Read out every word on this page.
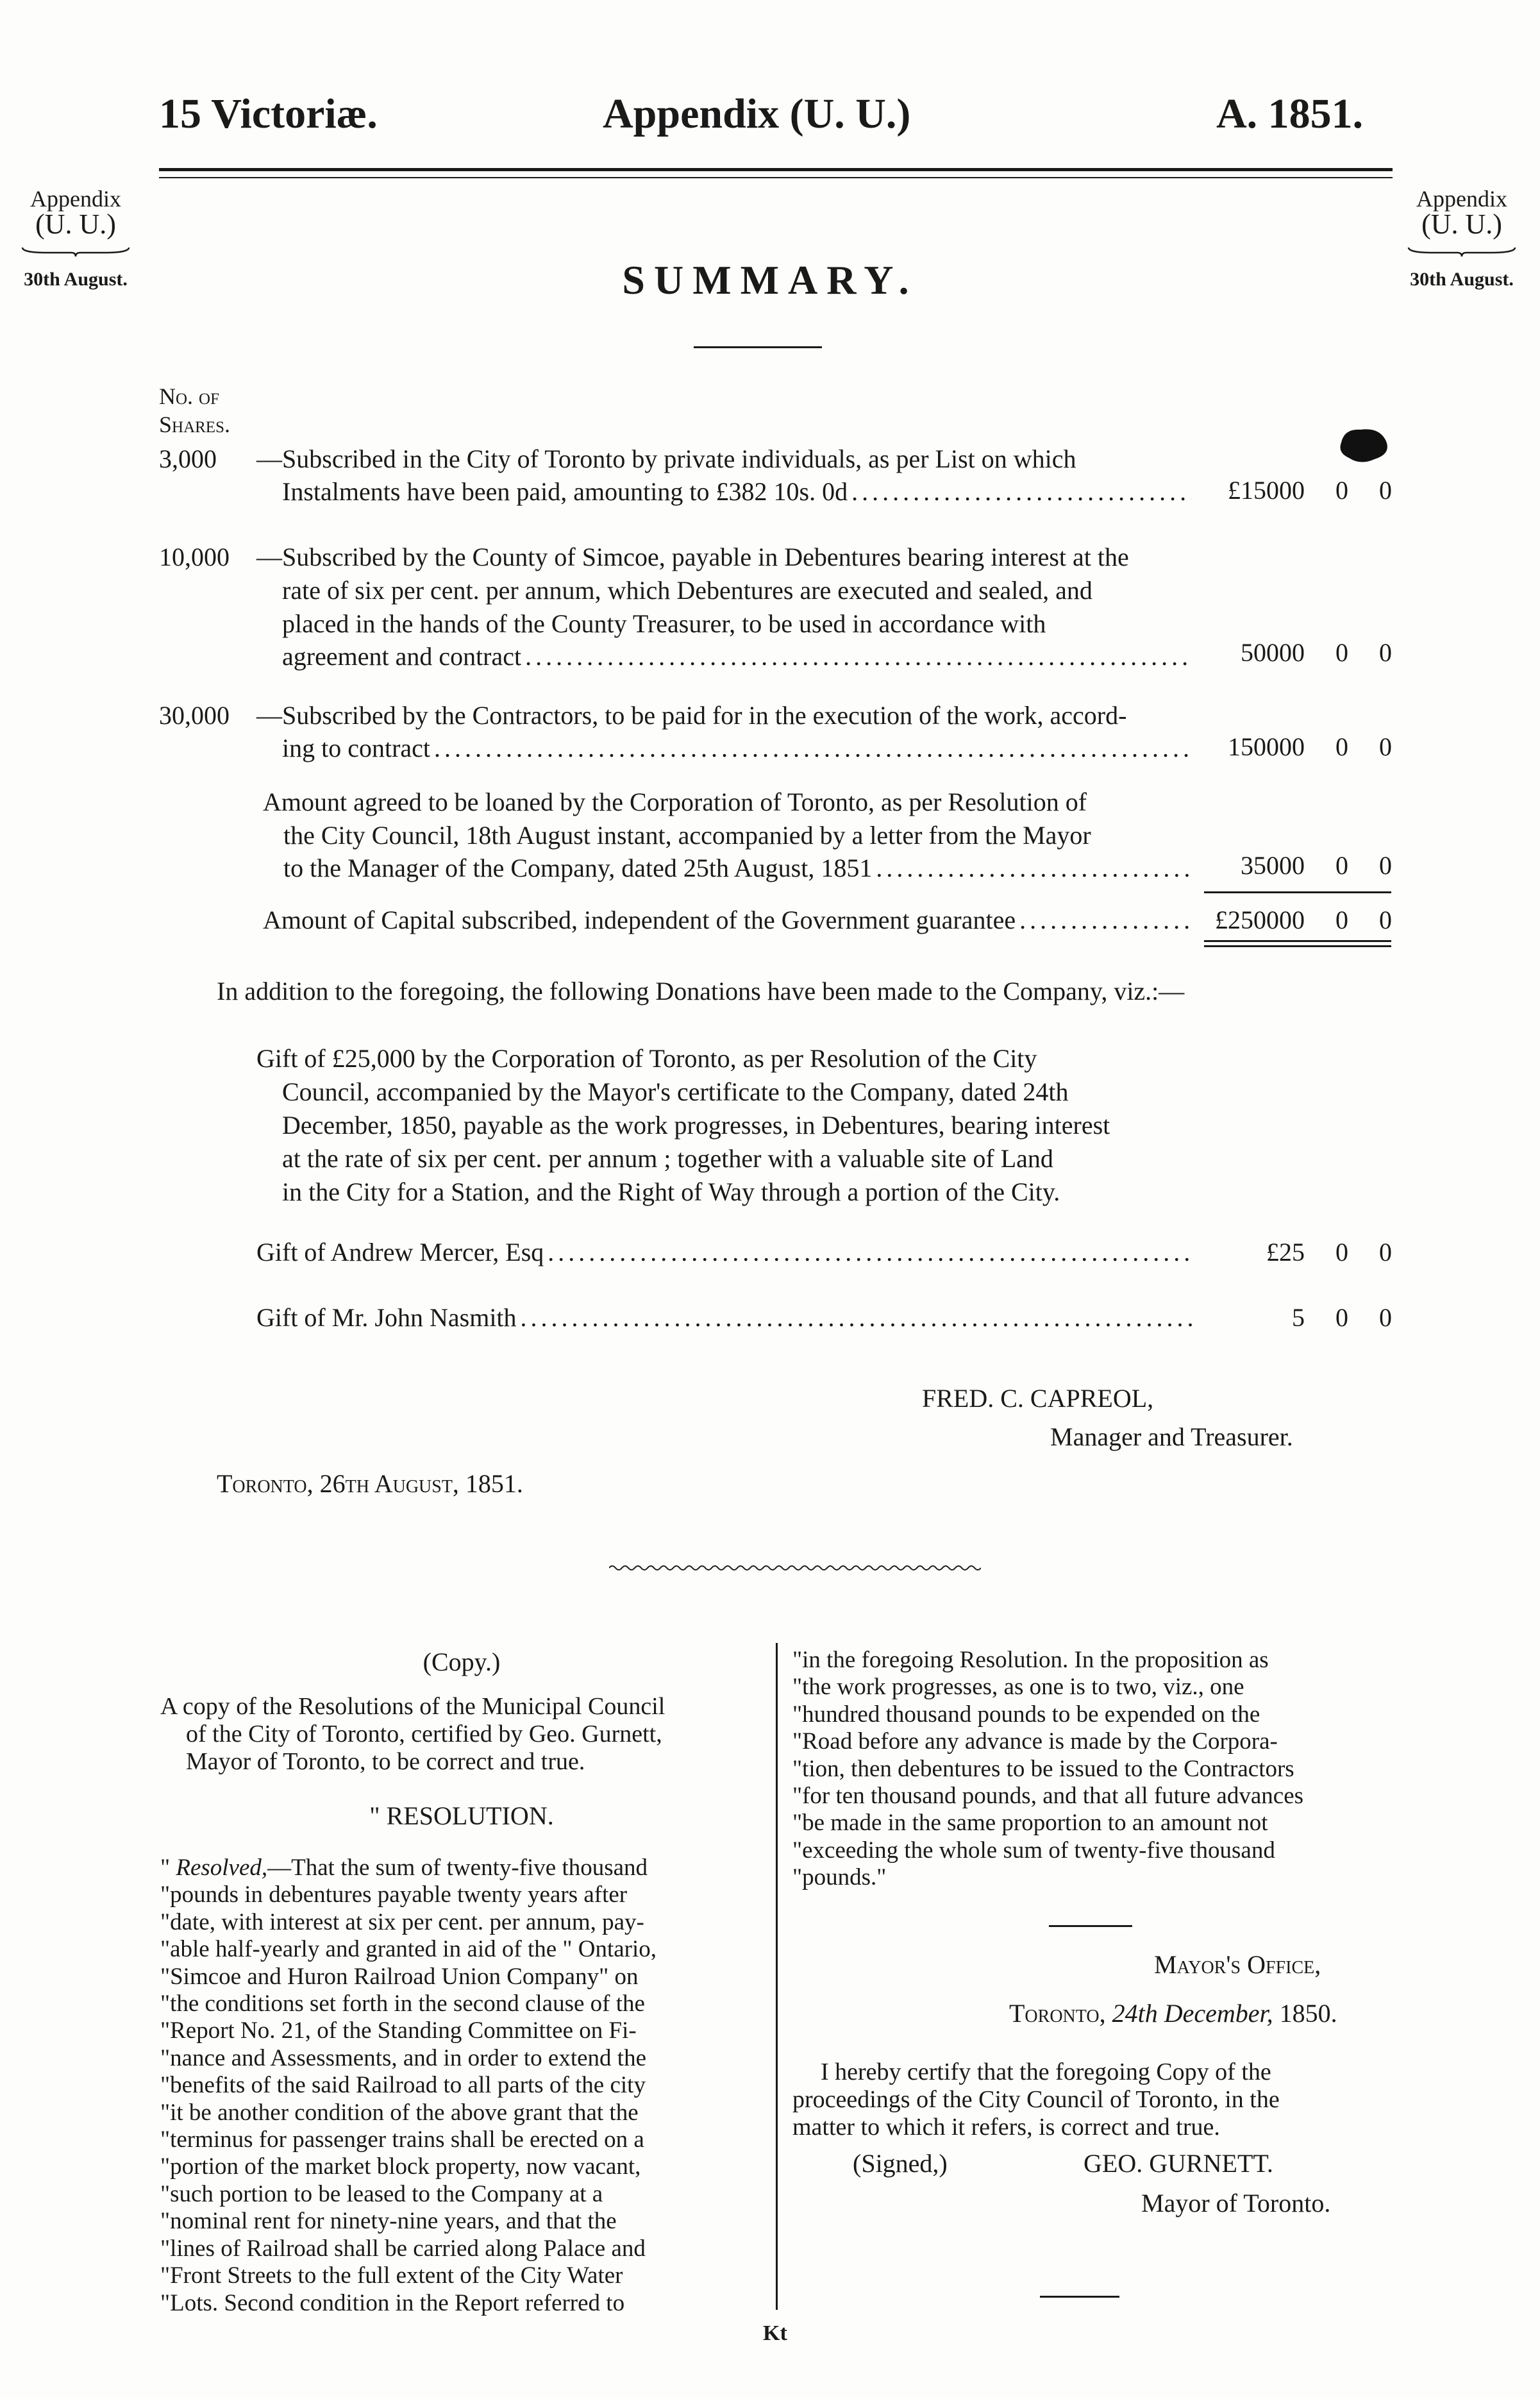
15 Victoriæ.	Appendix (U. U.)	A. 1851.
Appendix
(U. U.)
30th August.
Appendix
(U. U.)
30th August.
SUMMARY.
No. of
Shares.
3,000 —Subscribed in the City of Toronto by private individuals, as per List on which
Instalments have been paid, amounting to £382 10s. 0d . . .	£15000 0 0
10,000 —Subscribed by the County of Simcoe, payable in Debentures bearing interest at the
rate of six per cent. per annum, which Debentures are executed and sealed, and
placed in the hands of the County Treasurer, to be used in accordance with
agreement and contract . . .	50000 0 0
30,000 —Subscribed by the Contractors, to be paid for in the execution of the work, accord-
ing to contract . . .	150000 0 0
Amount agreed to be loaned by the Corporation of Toronto, as per Resolution of
the City Council, 18th August instant, accompanied by a letter from the Mayor
to the Manager of the Company, dated 25th August, 1851 . . .	35000 0 0
Amount of Capital subscribed, independent of the Government guarantee . . .	£250000 0 0
In addition to the foregoing, the following Donations have been made to the Company, viz.:—
Gift of £25,000 by the Corporation of Toronto, as per Resolution of the City
Council, accompanied by the Mayor's certificate to the Company, dated 24th
December, 1850, payable as the work progresses, in Debentures, bearing interest
at the rate of six per cent. per annum ; together with a valuable site of Land
in the City for a Station, and the Right of Way through a portion of the City.
Gift of Andrew Mercer, Esq . . .	£25 0 0
Gift of Mr. John Nasmith . . .	5 0 0
FRED. C. CAPREOL,
Manager and Treasurer.
Toronto, 26th August, 1851.
(Copy.)
A copy of the Resolutions of the Municipal Council
of the City of Toronto, certified by Geo. Gurnett,
Mayor of Toronto, to be correct and true.
" RESOLUTION.
" Resolved,—That the sum of twenty-five thousand
"pounds in debentures payable twenty years after
"date, with interest at six per cent. per annum, pay-
"able half-yearly and granted in aid of the " Ontario,
"Simcoe and Huron Railroad Union Company" on
"the conditions set forth in the second clause of the
"Report No. 21, of the Standing Committee on Fi-
"nance and Assessments, and in order to extend the
"benefits of the said Railroad to all parts of the city
"it be another condition of the above grant that the
"terminus for passenger trains shall be erected on a
"portion of the market block property, now vacant,
"such portion to be leased to the Company at a
"nominal rent for ninety-nine years, and that the
"lines of Railroad shall be carried along Palace and
"Front Streets to the full extent of the City Water
"Lots. Second condition in the Report referred to
"in the foregoing Resolution. In the proposition as
"the work progresses, as one is to two, viz., one
"hundred thousand pounds to be expended on the
"Road before any advance is made by the Corpora-
"tion, then debentures to be issued to the Contractors
"for ten thousand pounds, and that all future advances
"be made in the same proportion to an amount not
"exceeding the whole sum of twenty-five thousand
"pounds."
Mayor's Office,
Toronto, 24th December, 1850.
I hereby certify that the foregoing Copy of the
proceedings of the City Council of Toronto, in the
matter to which it refers, is correct and true.
(Signed,)	GEO. GURNETT.
Mayor of Toronto.
Kt
